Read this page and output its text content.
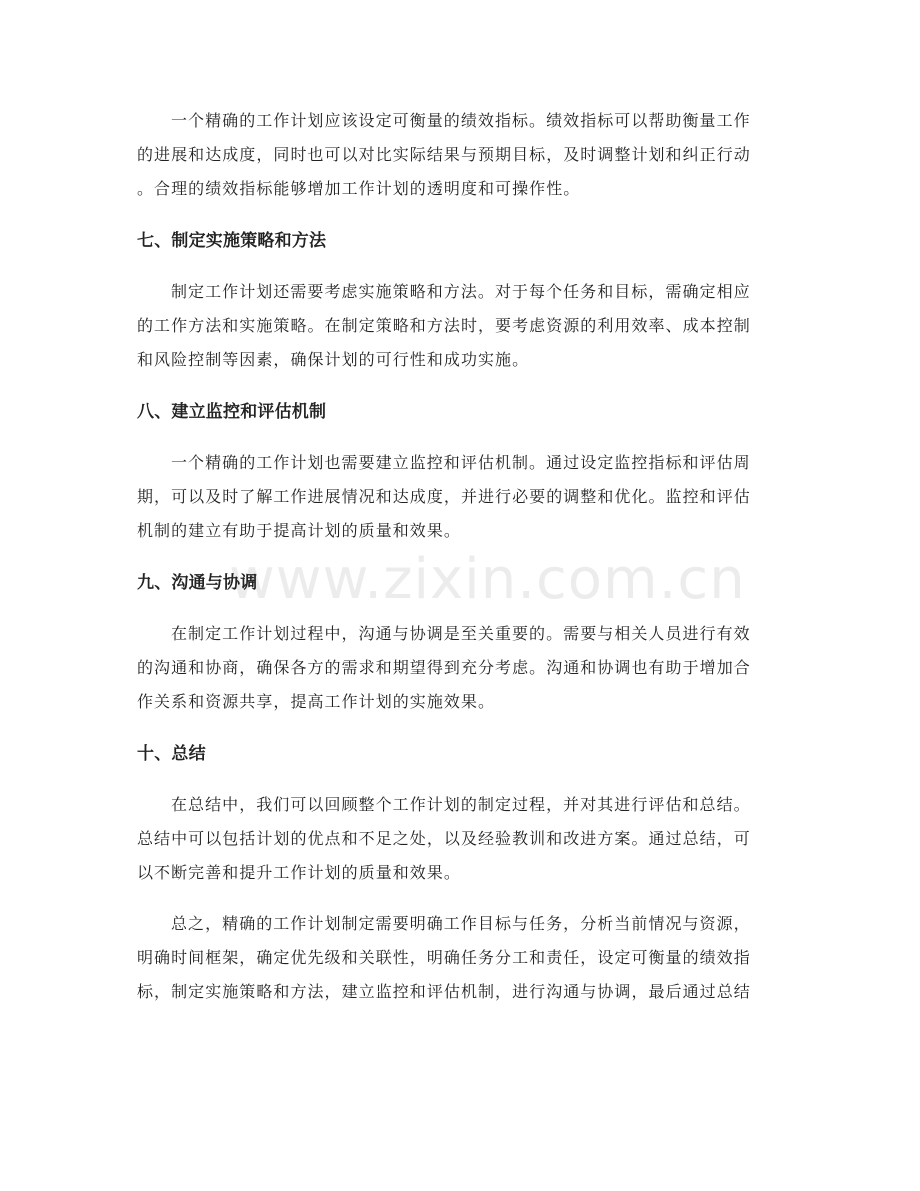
www.zixin.com.cn

一个精确的工作计划应该设定可衡量的绩效指标。绩效指标可以帮助衡量工作
的进展和达成度，同时也可以对比实际结果与预期目标，及时调整计划和纠正行动
。合理的绩效指标能够增加工作计划的透明度和可操作性。

七、制定实施策略和方法

制定工作计划还需要考虑实施策略和方法。对于每个任务和目标，需确定相应
的工作方法和实施策略。在制定策略和方法时，要考虑资源的利用效率、成本控制
和风险控制等因素，确保计划的可行性和成功实施。

八、建立监控和评估机制

一个精确的工作计划也需要建立监控和评估机制。通过设定监控指标和评估周
期，可以及时了解工作进展情况和达成度，并进行必要的调整和优化。监控和评估
机制的建立有助于提高计划的质量和效果。

九、沟通与协调

在制定工作计划过程中，沟通与协调是至关重要的。需要与相关人员进行有效
的沟通和协商，确保各方的需求和期望得到充分考虑。沟通和协调也有助于增加合
作关系和资源共享，提高工作计划的实施效果。

十、总结

在总结中，我们可以回顾整个工作计划的制定过程，并对其进行评估和总结。
总结中可以包括计划的优点和不足之处，以及经验教训和改进方案。通过总结，可
以不断完善和提升工作计划的质量和效果。

总之，精确的工作计划制定需要明确工作目标与任务，分析当前情况与资源，
明确时间框架，确定优先级和关联性，明确任务分工和责任，设定可衡量的绩效指
标，制定实施策略和方法，建立监控和评估机制，进行沟通与协调，最后通过总结
